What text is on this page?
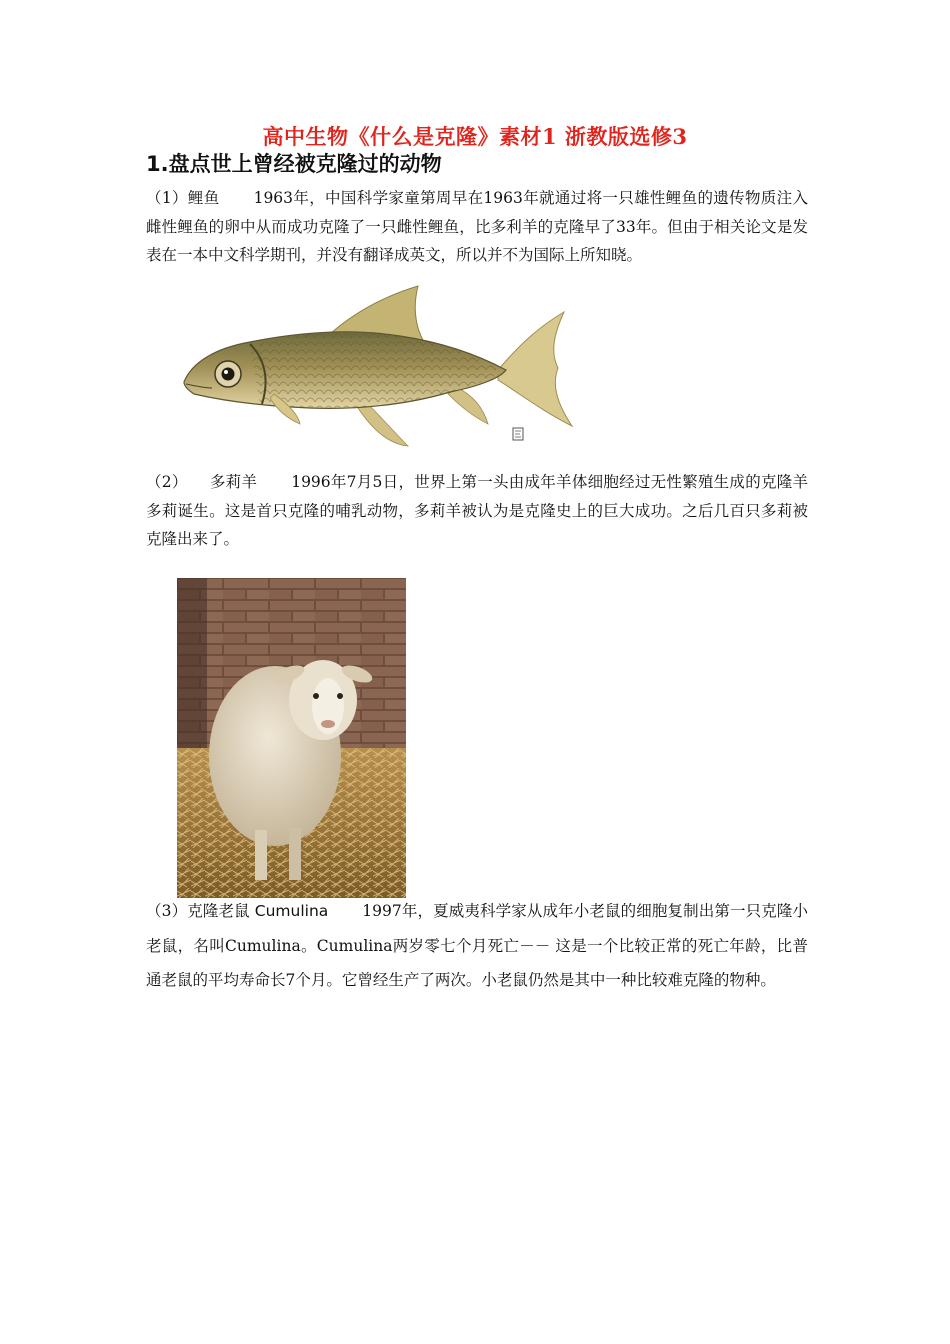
高中生物《什么是克隆》素材1 浙教版选修3
1.盘点世上曾经被克隆过的动物

（1）鲤鱼 1963年，中国科学家童第周早在1963年就通过将一只雄性鲤鱼的遗传物质注入雌性鲤鱼的卵中从而成功克隆了一只雌性鲤鱼，比多利羊的克隆早了33年。但由于相关论文是发表在一本中文科学期刊，并没有翻译成英文，所以并不为国际上所知晓。

（2） 多莉羊 1996年7月5日，世界上第一头由成年羊体细胞经过无性繁殖生成的克隆羊多莉诞生。这是首只克隆的哺乳动物，多莉羊被认为是克隆史上的巨大成功。之后几百只多莉被克隆出来了。

（3）克隆老鼠 Cumulina 1997年，夏威夷科学家从成年小老鼠的细胞复制出第一只克隆小老鼠，名叫Cumulina。Cumulina两岁零七个月死亡－－ 这是一个比较正常的死亡年龄，比普通老鼠的平均寿命长7个月。它曾经生产了两次。小老鼠仍然是其中一种比较难克隆的物种。
